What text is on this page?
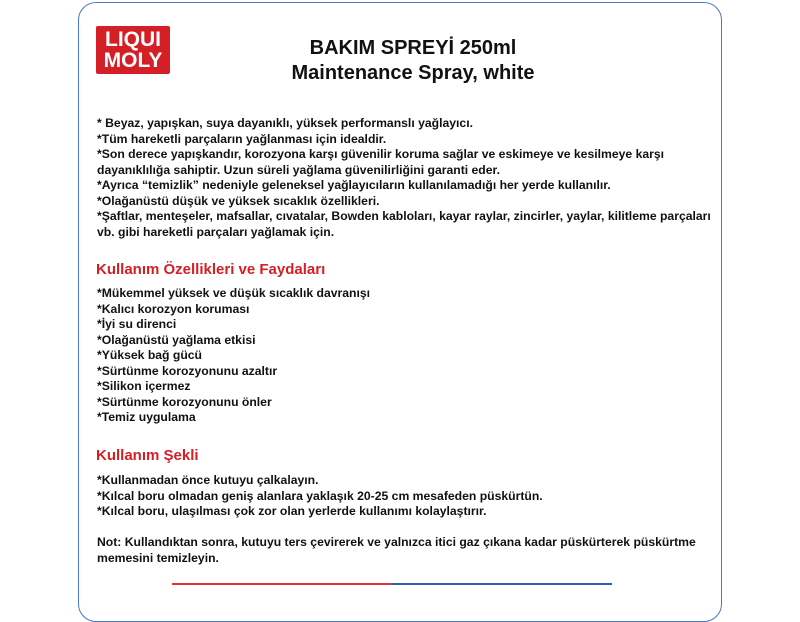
LIQUI
MOLY
BAKIM SPREYİ 250ml
Maintenance Spray, white

* Beyaz, yapışkan, suya dayanıklı, yüksek performanslı yağlayıcı.

*Tüm hareketli parçaların yağlanması için idealdir.

*Son derece yapışkandır, korozyona karşı güvenilir koruma sağlar ve eskimeye ve kesilmeye karşı dayanıklılığa sahiptir. Uzun süreli yağlama güvenilirliğini garanti eder.

*Ayrıca “temizlik” nedeniyle geleneksel yağlayıcıların kullanılamadığı her yerde kullanılır.

*Olağanüstü düşük ve yüksek sıcaklık özellikleri.

*Şaftlar, menteşeler, mafsallar, cıvatalar, Bowden kabloları, kayar raylar, zincirler, yaylar, kilitleme parçaları vb. gibi hareketli parçaları yağlamak için.

Kullanım Özellikleri ve Faydaları

*Mükemmel yüksek ve düşük sıcaklık davranışı

*Kalıcı korozyon koruması

*İyi su direnci

*Olağanüstü yağlama etkisi

*Yüksek bağ gücü

*Sürtünme korozyonunu azaltır

*Silikon içermez

*Sürtünme korozyonunu önler

*Temiz uygulama

Kullanım Şekli

*Kullanmadan önce kutuyu çalkalayın.

*Kılcal boru olmadan geniş alanlara yaklaşık 20-25 cm mesafeden püskürtün.

*Kılcal boru, ulaşılması çok zor olan yerlerde kullanımı kolaylaştırır.

Not: Kullandıktan sonra, kutuyu ters çevirerek ve yalnızca itici gaz çıkana kadar püskürterek püskürtme memesini temizleyin.
